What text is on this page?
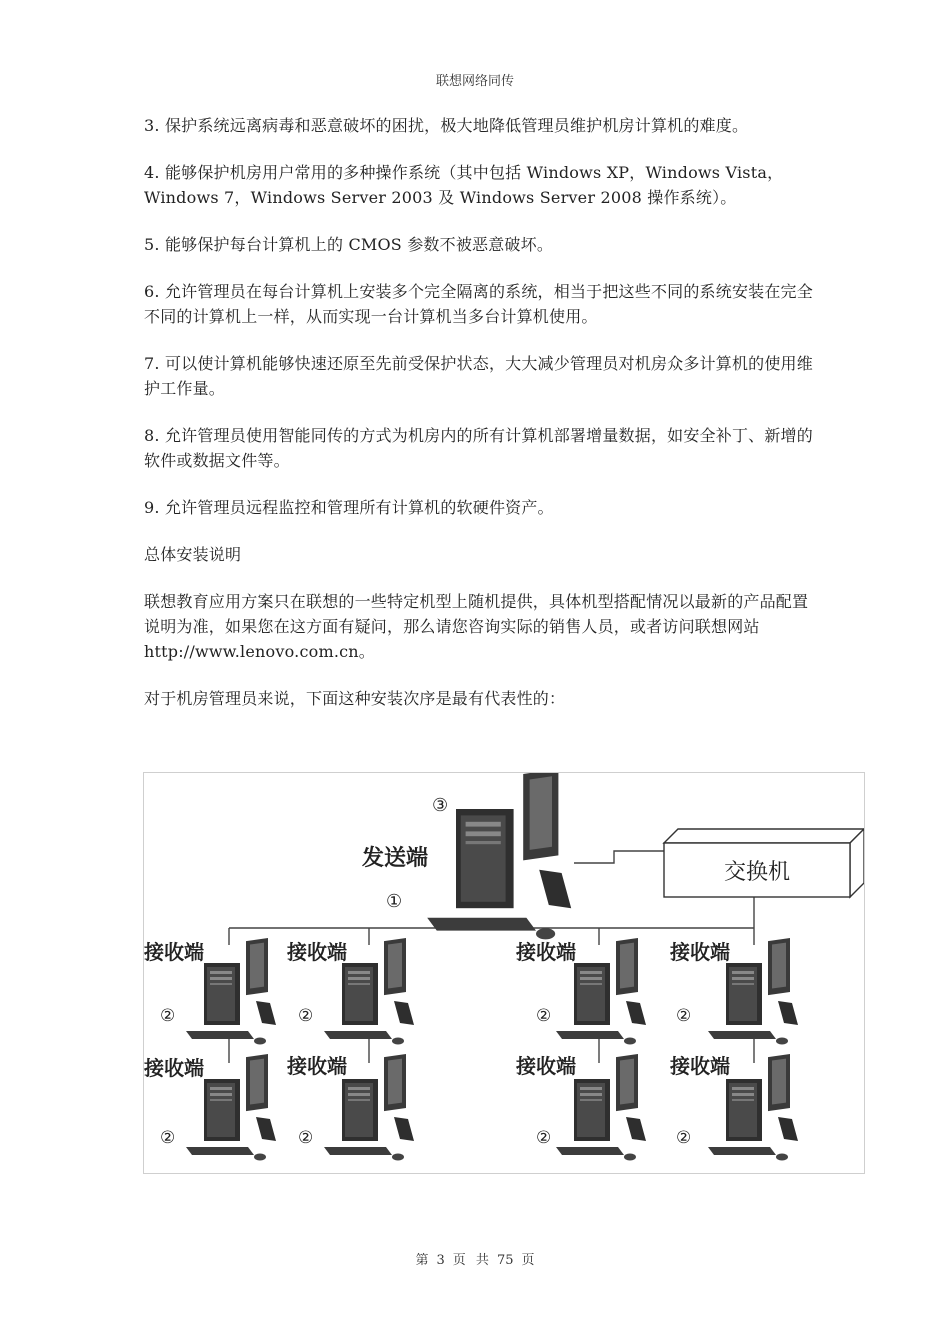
联想网络同传

3. 保护系统远离病毒和恶意破坏的困扰，极大地降低管理员维护机房计算机的难度。

4. 能够保护机房用户常用的多种操作系统（其中包括 Windows XP，Windows Vista，Windows 7，Windows Server 2003 及 Windows Server 2008 操作系统）。

5. 能够保护每台计算机上的 CMOS 参数不被恶意破坏。

6. 允许管理员在每台计算机上安装多个完全隔离的系统，相当于把这些不同的系统安装在完全不同的计算机上一样，从而实现一台计算机当多台计算机使用。

7. 可以使计算机能够快速还原至先前受保护状态，大大减少管理员对机房众多计算机的使用维护工作量。

8. 允许管理员使用智能同传的方式为机房内的所有计算机部署增量数据，如安全补丁、新增的软件或数据文件等。

9. 允许管理员远程监控和管理所有计算机的软硬件资产。

总体安装说明

联想教育应用方案只在联想的一些特定机型上随机提供，具体机型搭配情况以最新的产品配置说明为准，如果您在这方面有疑问，那么请您咨询实际的销售人员，或者访问联想网站 http://www.lenovo.com.cn。

对于机房管理员来说，下面这种安装次序是最有代表性的：

交换机
发送端
③
①
接收端
②
接收端
②
接收端
②
接收端
②
接收端
②
接收端
②
接收端
②
接收端
②
第 3 页 共 75 页
